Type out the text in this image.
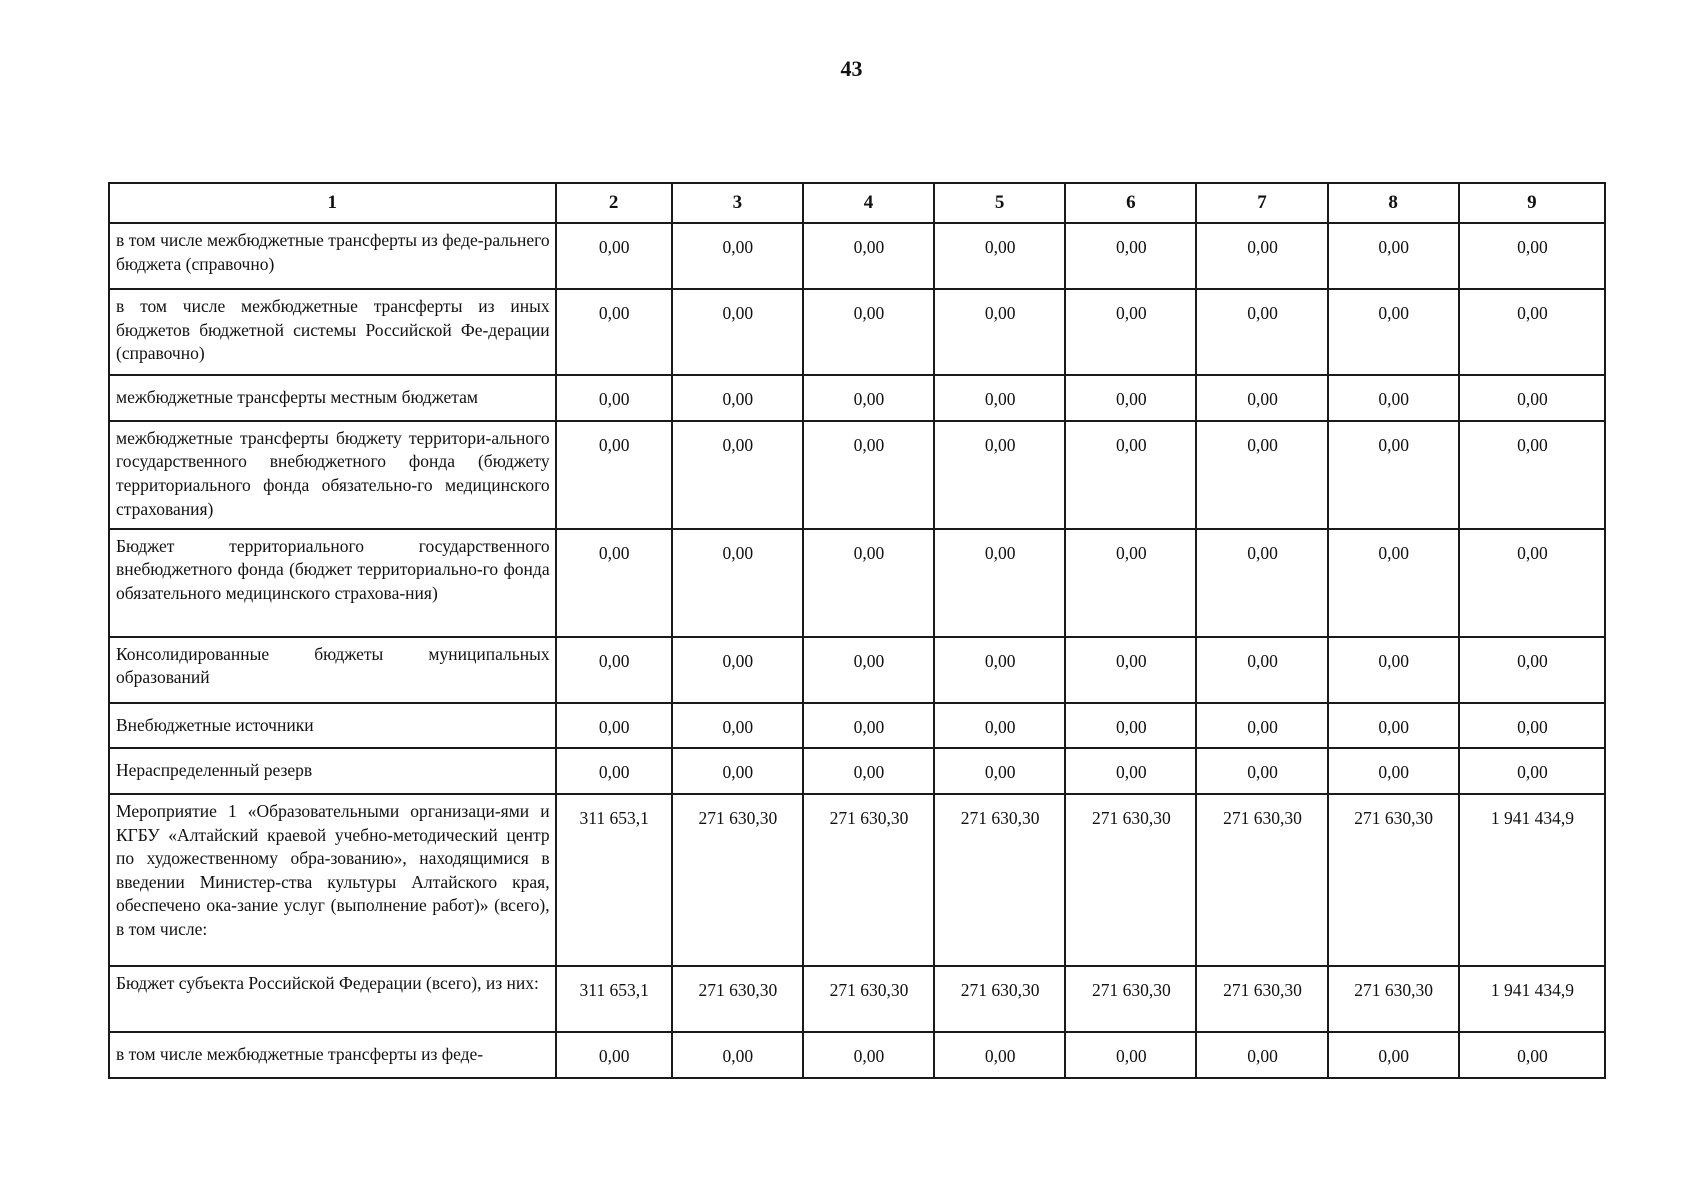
43
1	2	3	4	5	6	7	8	9
в том числе межбюджетные трансферты из феде-ральнего бюджета (справочно)	0,00	0,00	0,00	0,00	0,00	0,00	0,00	0,00
в том числе межбюджетные трансферты из иных бюджетов бюджетной системы Российской Фе-дерации (справочно)	0,00	0,00	0,00	0,00	0,00	0,00	0,00	0,00
межбюджетные трансферты местным бюджетам	0,00	0,00	0,00	0,00	0,00	0,00	0,00	0,00
межбюджетные трансферты бюджету территори-ального государственного внебюджетного фонда (бюджету территориального фонда обязательно-го медицинского страхования)	0,00	0,00	0,00	0,00	0,00	0,00	0,00	0,00
Бюджет территориального государственного внебюджетного фонда (бюджет территориально-го фонда обязательного медицинского страхова-ния)	0,00	0,00	0,00	0,00	0,00	0,00	0,00	0,00
Консолидированные бюджеты муниципальных образований	0,00	0,00	0,00	0,00	0,00	0,00	0,00	0,00
Внебюджетные источники	0,00	0,00	0,00	0,00	0,00	0,00	0,00	0,00
Нераспределенный резерв	0,00	0,00	0,00	0,00	0,00	0,00	0,00	0,00
Мероприятие 1 «Образовательными организаци-ями и КГБУ «Алтайский краевой учебно-методический центр по художественному обра-зованию», находящимися в введении Министер-ства культуры Алтайского края, обеспечено ока-зание услуг (выполнение работ)» (всего), в том числе:	311 653,1	271 630,30	271 630,30	271 630,30	271 630,30	271 630,30	271 630,30	1 941 434,9
Бюджет субъекта Российской Федерации (всего), из них:	311 653,1	271 630,30	271 630,30	271 630,30	271 630,30	271 630,30	271 630,30	1 941 434,9
в том числе межбюджетные трансферты из феде-	0,00	0,00	0,00	0,00	0,00	0,00	0,00	0,00
